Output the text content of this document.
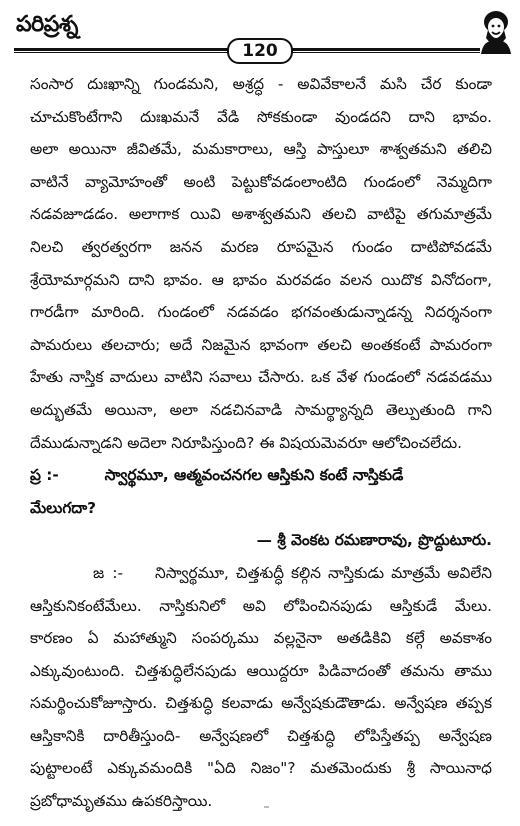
పరిప్రశ్న
120
సంసార దుఃఖాన్ని గుండమని, అశ్రద్ధ - అవివేకాలనే మసి చేర కుండా
చూచుకొంటేగాని దుఃఖమనే వేడి సోకకుండా వుండదని దాని భావం.
అలా అయినా జీవితమే, మమకారాలు, ఆస్తి పాస్తులూ శాశ్వతమని తలిచి
వాటినే వ్యామోహంతో అంటి పెట్టుకోవడంలాంటిది గుండంలో నెమ్మదిగా
నడవజూడడం. అలాగాక యివి అశాశ్వతమని తలచి వాటిపై తగుమాత్రమే
నిలచి త్వరత్వరగా జనన మరణ రూపమైన గుండం దాటిపోవడమే
శ్రేయోమార్గమని దాని భావం. ఆ భావం మరవడం వలన యిదొక వినోదంగా,
గారడీగా మారింది. గుండంలో నడవడం భగవంతుడున్నాడన్న నిదర్శనంగా
పామరులు తలచారు; అదే నిజమైన భావంగా తలచి అంతకంటే పామరంగా
హేతు నాస్తిక వాదులు వాటిని సవాలు చేసారు. ఒక వేళ గుండంలో నడవడము
అద్భుతమే అయినా, అలా నడచినవాడి సామర్థ్యాన్నది తెల్పుతుంది గాని
దేముడున్నాడని అదెలా నిరూపిస్తుంది? ఈ విషయమెవరూ ఆలోచించలేదు.
ప్ర :-	స్వార్థమూ, ఆత్మవంచనగల ఆస్తికుని కంటే నాస్తికుడే
మేలుగదా?
— శ్రీ వెంకట రమణారావు, ప్రొద్దుటూరు.
జ :- నిస్వార్థమూ, చిత్తశుద్ధీ కల్గిన నాస్తికుడు మాత్రమే అవిలేని
ఆస్తికునికంటేమేలు. నాస్తికునిలో అవి లోపించినపుడు ఆస్తికుడే మేలు.
కారణం ఏ మహాత్ముని సంపర్కము వల్లనైనా అతడికివి కల్గే అవకాశం
ఎక్కువుంటుంది. చిత్తశుద్ధిలేనపుడు ఆయిద్దరూ పిడివాదంతో తమను తాము
సమర్థించుకోజూస్తారు. చిత్తశుద్ధి కలవాడు అన్వేషకుడౌతాడు. అన్వేషణ తప్పక
ఆస్తికానికి దారితీస్తుంది- అన్వేషణలో చిత్తశుద్ధి లోపిస్తేతప్ప అన్వేషణ
పుట్టాలంటే ఎక్కువమందికి "ఏది నిజం"? మతమెందుకు శ్రీ సాయినాధ
ప్రబోధామృతము ఉపకరిస్తాయి.
